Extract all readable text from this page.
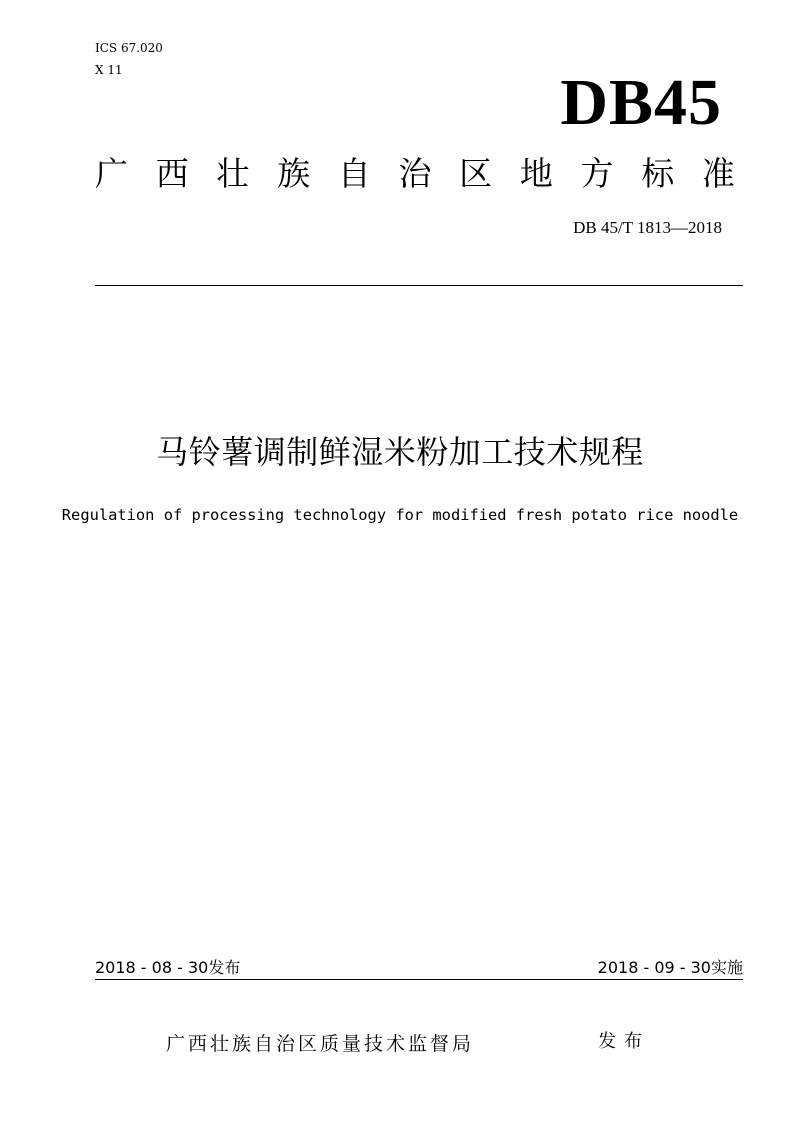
ICS 67.020
X 11	DB45
广 西 壮 族 自 治 区 地 方 标 准
DB 45/T 1813—2018
马铃薯调制鲜湿米粉加工技术规程
Regulation of processing technology for modified fresh potato rice noodle
2018 - 08 - 30发布	2018 - 09 - 30实施
广西壮族自治区质量技术监督局	发布
